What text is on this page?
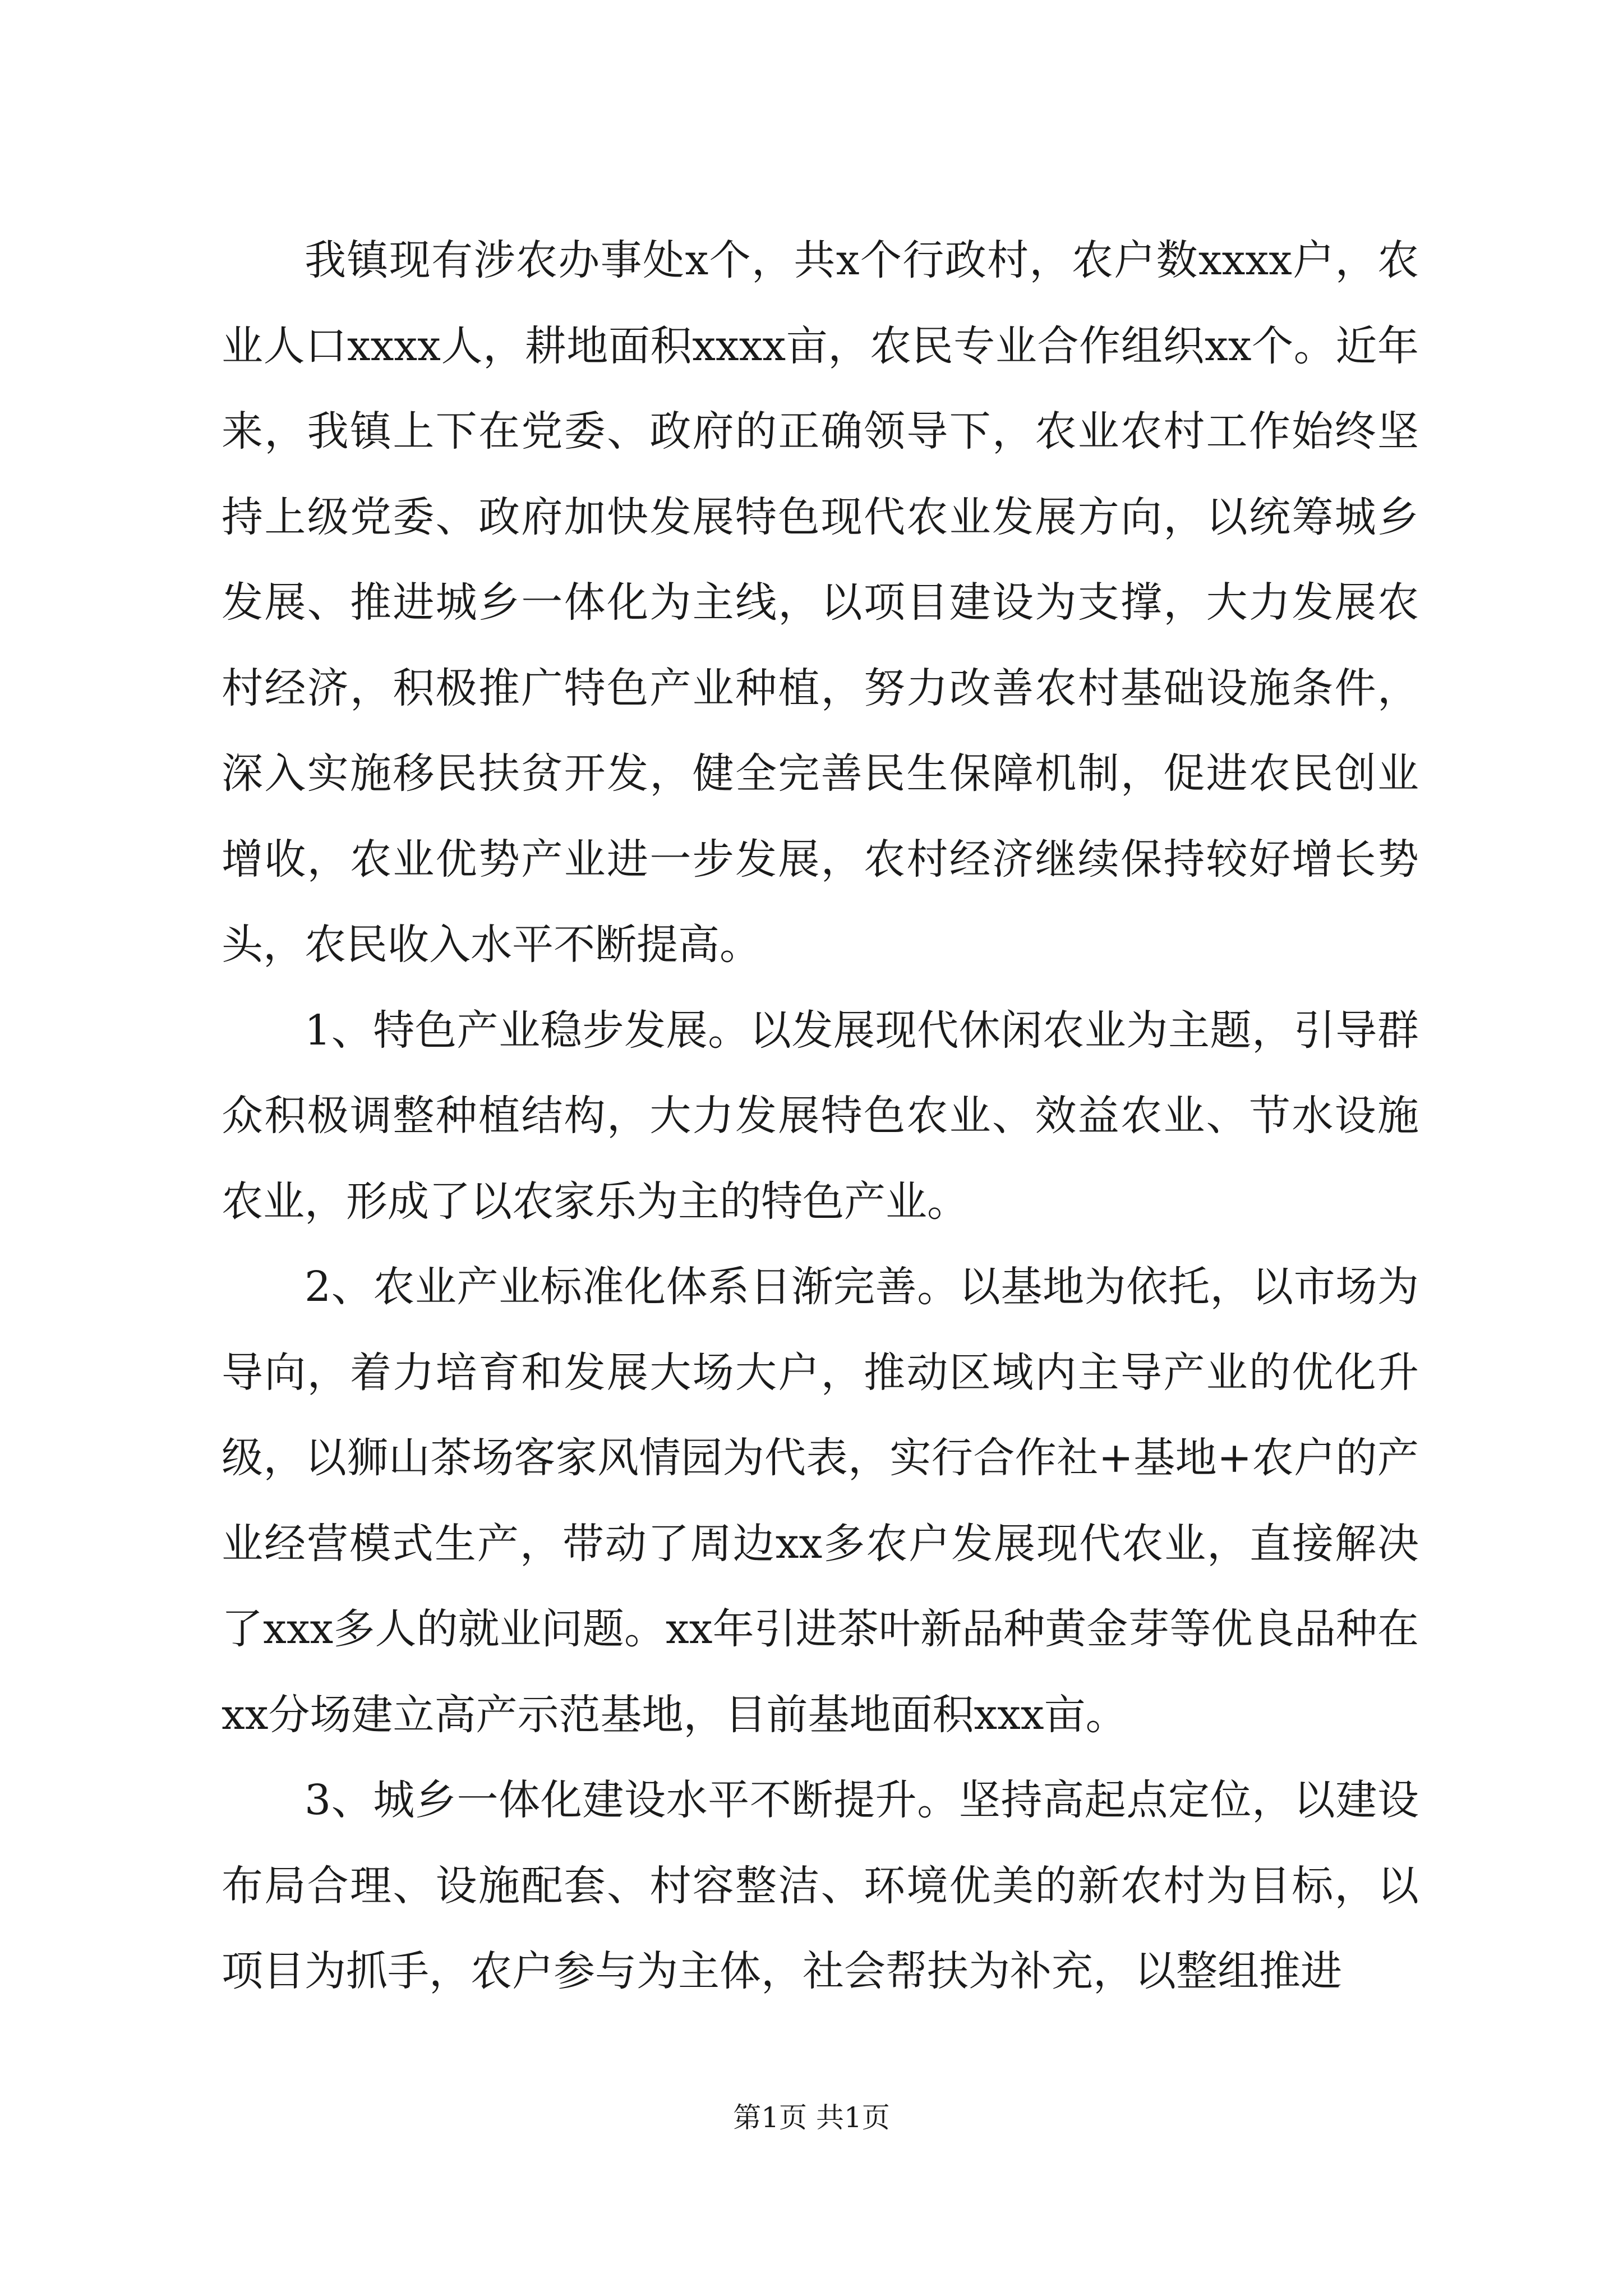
我镇现有涉农办事处x个，共x个行政村，农户数xxxx户，农业人口xxxx人，耕地面积xxxx亩，农民专业合作组织xx个。近年来，我镇上下在党委、政府的正确领导下，农业农村工作始终坚持上级党委、政府加快发展特色现代农业发展方向，以统筹城乡发展、推进城乡一体化为主线，以项目建设为支撑，大力发展农村经济，积极推广特色产业种植，努力改善农村基础设施条件，深入实施移民扶贫开发，健全完善民生保障机制，促进农民创业增收，农业优势产业进一步发展，农村经济继续保持较好增长势头，农民收入水平不断提高。

1、特色产业稳步发展。以发展现代休闲农业为主题，引导群众积极调整种植结构，大力发展特色农业、效益农业、节水设施农业，形成了以农家乐为主的特色产业。

2、农业产业标准化体系日渐完善。以基地为依托，以市场为导向，着力培育和发展大场大户，推动区域内主导产业的优化升级，以狮山茶场客家风情园为代表，实行合作社+基地+农户的产业经营模式生产，带动了周边xx多农户发展现代农业，直接解决了xxx多人的就业问题。xx年引进茶叶新品种黄金芽等优良品种在xx分场建立高产示范基地，目前基地面积xxx亩。

3、城乡一体化建设水平不断提升。坚持高起点定位，以建设布局合理、设施配套、村容整洁、环境优美的新农村为目标，以项目为抓手，农户参与为主体，社会帮扶为补充，以整组推进

第1页 共1页
